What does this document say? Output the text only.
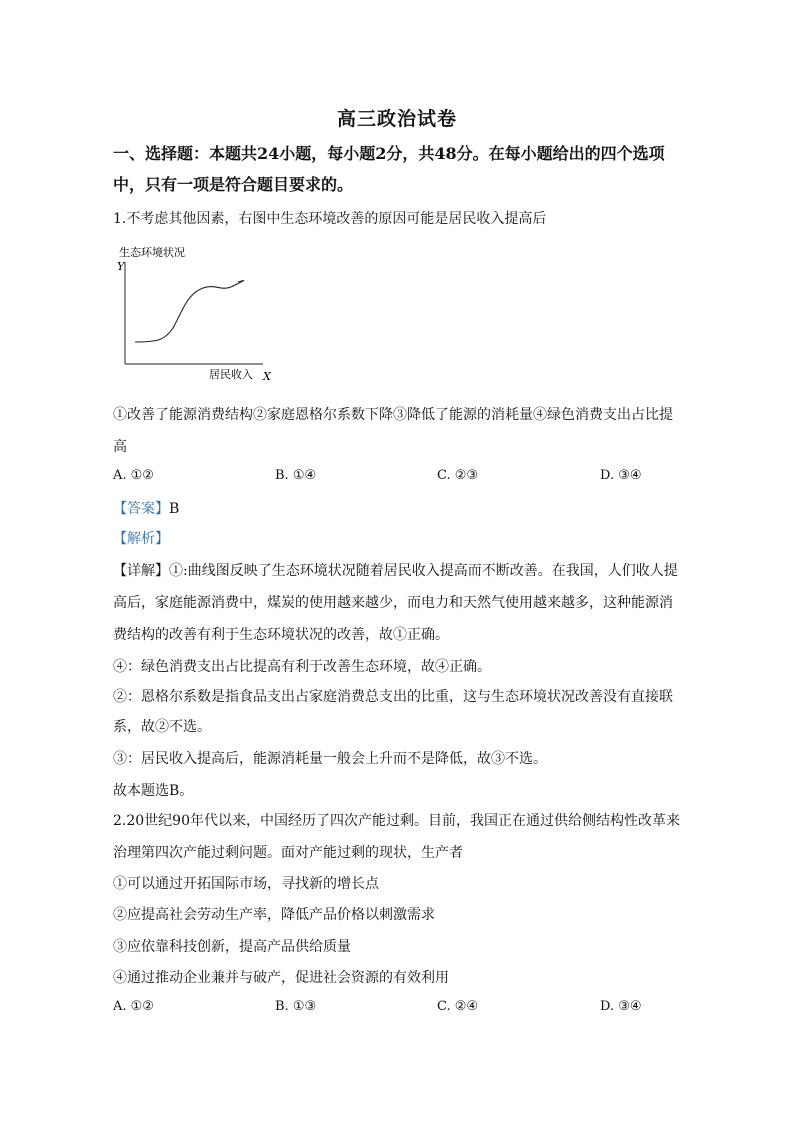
高三政治试卷
一、选择题：本题共24小题，每小题2分，共48分。在每小题给出的四个选项中，只有一项是符合题目要求的。
1.不考虑其他因素，右图中生态环境改善的原因可能是居民收入提高后
生态环境状况
Y
居民收入 X
①改善了能源消费结构②家庭恩格尔系数下降③降低了能源的消耗量④绿色消费支出占比提
高
A. ①②	B. ①④	C. ②③	D. ③④
【答案】B
【解析】
【详解】①:曲线图反映了生态环境状况随着居民收入提高而不断改善。在我国，人们收人提
高后，家庭能源消费中，煤炭的使用越来越少，而电力和天然气使用越来越多，这种能源消
费结构的改善有利于生态环境状况的改善，故①正确。
④：绿色消费支出占比提高有利于改善生态环境，故④正确。
②：恩格尔系数是指食品支出占家庭消费总支出的比重，这与生态环境状况改善没有直接联
系，故②不选。
③：居民收入提高后，能源消耗量一般会上升而不是降低，故③不选。
故本题选B。
2.20世纪90年代以来，中国经历了四次产能过剩。目前，我国正在通过供给侧结构性改革来
治理第四次产能过剩问题。面对产能过剩的现状，生产者
①可以通过开拓国际市场，寻找新的增长点
②应提高社会劳动生产率，降低产品价格以刺激需求
③应依靠科技创新，提高产品供给质量
④通过推动企业兼并与破产，促进社会资源的有效利用
A. ①②	B. ①③	C. ②④	D. ③④
